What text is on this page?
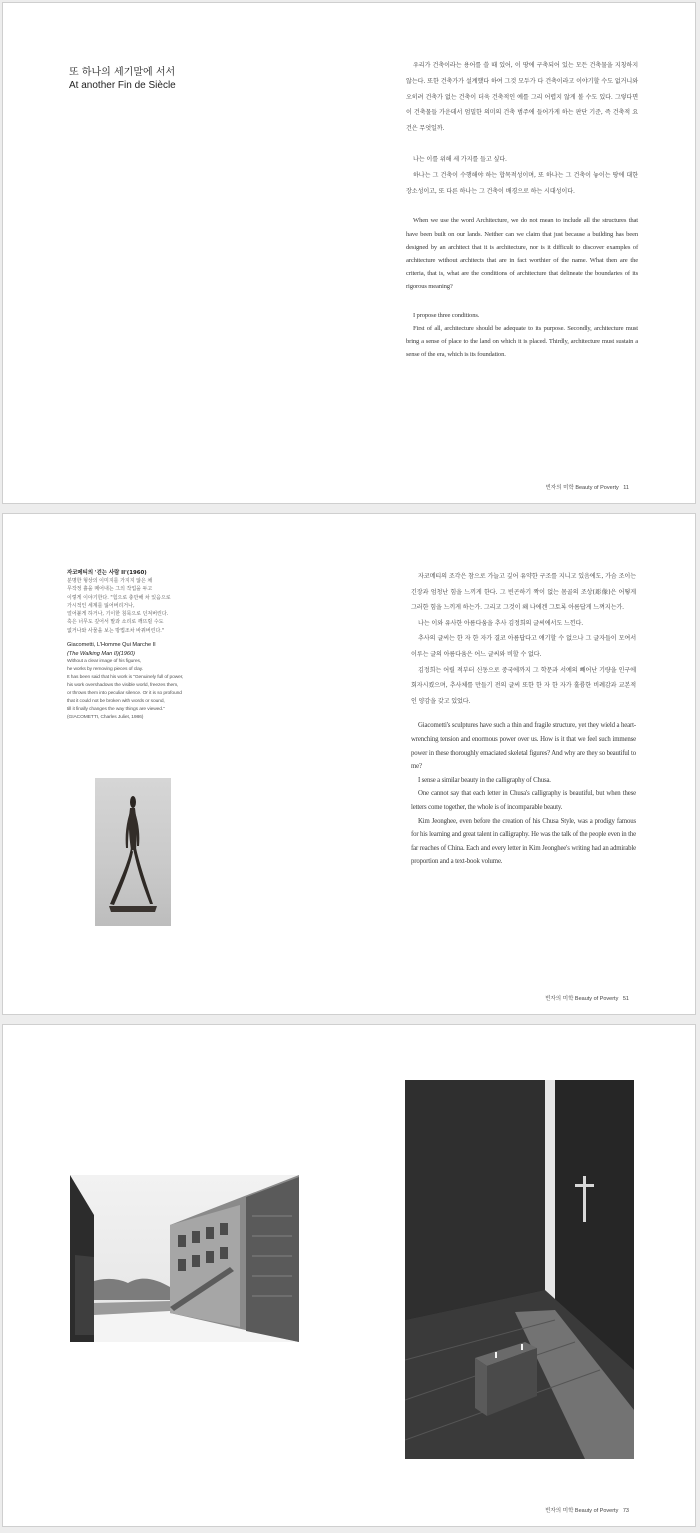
또 하나의 세기말에 서서
At another Fin de Siècle

우리가 건축이라는 용어를 쓸 때 있어, 이 땅에 구축되어 있는 모든 건축물을 지칭하지 않는다. 또한 건축가가 설계했다 하여 그것 모두가 다 건축이라고 이야기할 수도 없거니와 오히려 건축가 없는 건축이 더욱 건축적인 예를 그리 어렵지 않게 볼 수도 있다. 그렇다면 이 건축물들 가운데서 엄밀한 의미의 건축 범주에 들어가게 하는 판단 기준, 즉 건축적 요건은 무엇일까.

나는 이를 위해 세 가지를 들고 싶다.

하나는 그 건축이 수행해야 하는 합목적성이며, 또 하나는 그 건축이 놓이는 땅에 대한 장소성이고, 또 다른 하나는 그 건축이 배경으로 하는 시대성이다.

When we use the word Architecture, we do not mean to include all the structures that have been built on our lands. Neither can we claim that just because a building has been designed by an architect that it is architecture, nor is it difficult to discover examples of architecture without architects that are in fact worthier of the name. What then are the criteria, that is, what are the conditions of architecture that delineate the boundaries of its rigorous meaning?

I propose three conditions.

First of all, architecture should be adequate to its purpose. Secondly, architecture must bring a sense of place to the land on which it is placed. Thirdly, architecture must sustain a sense of the era, which is its foundation.

빈자의 미학 Beauty of Poverty 11
자코메티의 '걷는 사람 II'(1960)
분명한 형상의 이미지를 가지지 않은 채
무작정 흙을 떼어내는 그의 작업을 두고
이렇게 이야기한다. "힘으로 충만해 차 있음으로
가시적인 세계를 잃어버리거나,
얼어붙게 하거나, 기이한 침묵으로 던져버린다.
혹은 너무도 깊어서 말과 소리로 깨뜨릴 수도
없거나와 사물을 보는 방법조차 바꿔버린다."
Giacometti, L'Homme Qui Marche II
(The Walking Man II)(1960)
Without a clear image of his figures,
he works by removing pieces of clay.
It has been said that his work is "Genuinely full of power,
his work overshadows the visible world, freezes them,
or throws them into peculiar silence. Or it is so profound
that it could not be broken with words or sound,
till it finally changes the way things are viewed."
(GIACOMETTI, Charles Juliet, 1986)

자코메티의 조각은 참으로 가늘고 깊어 유약한 구조를 지니고 있음에도, 가슴 조이는 긴장과 엄청난 힘을 느끼게 한다. 그 빈곤하기 짝이 없는 몸골의 조상(彫像)은 어떻게 그러한 힘을 느끼게 하는가. 그리고 그것이 왜 나에겐 그토록 아름답게 느껴지는가.

나는 이와 유사한 아름다움을 추사 김정희의 글씨에서도 느낀다.

추사의 글씨는 한 자 한 자가 결코 아름답다고 얘기할 수 없으나 그 글자들이 모여서 이루는 글의 아름다움은 어느 글씨와 비할 수 없다.

김정희는 어릴 적부터 신동으로 중국에까지 그 학문과 서예의 빼어난 기량을 인구에 회자시켰으며, 추사체를 만들기 전의 글씨 또한 한 자 한 자가 훌륭한 비례감과 교본적인 양감을 갖고 있었다.

Giacometti's sculptures have such a thin and fragile structure, yet they wield a heart-wrenching tension and enormous power over us. How is it that we feel such immense power in these thoroughly emaciated skeletal figures? And why are they so beautiful to me?

I sense a similar beauty in the calligraphy of Chusa.

One cannot say that each letter in Chusa's calligraphy is beautiful, but when these letters come together, the whole is of incomparable beauty.

Kim Jeonghee, even before the creation of his Chusa Style, was a prodigy famous for his learning and great talent in calligraphy. He was the talk of the people even in the far reaches of China. Each and every letter in Kim Jeonghee's writing had an admirable proportion and a text-book volume.

빈자의 미학 Beauty of Poverty 51
빈자의 미학 Beauty of Poverty 73
